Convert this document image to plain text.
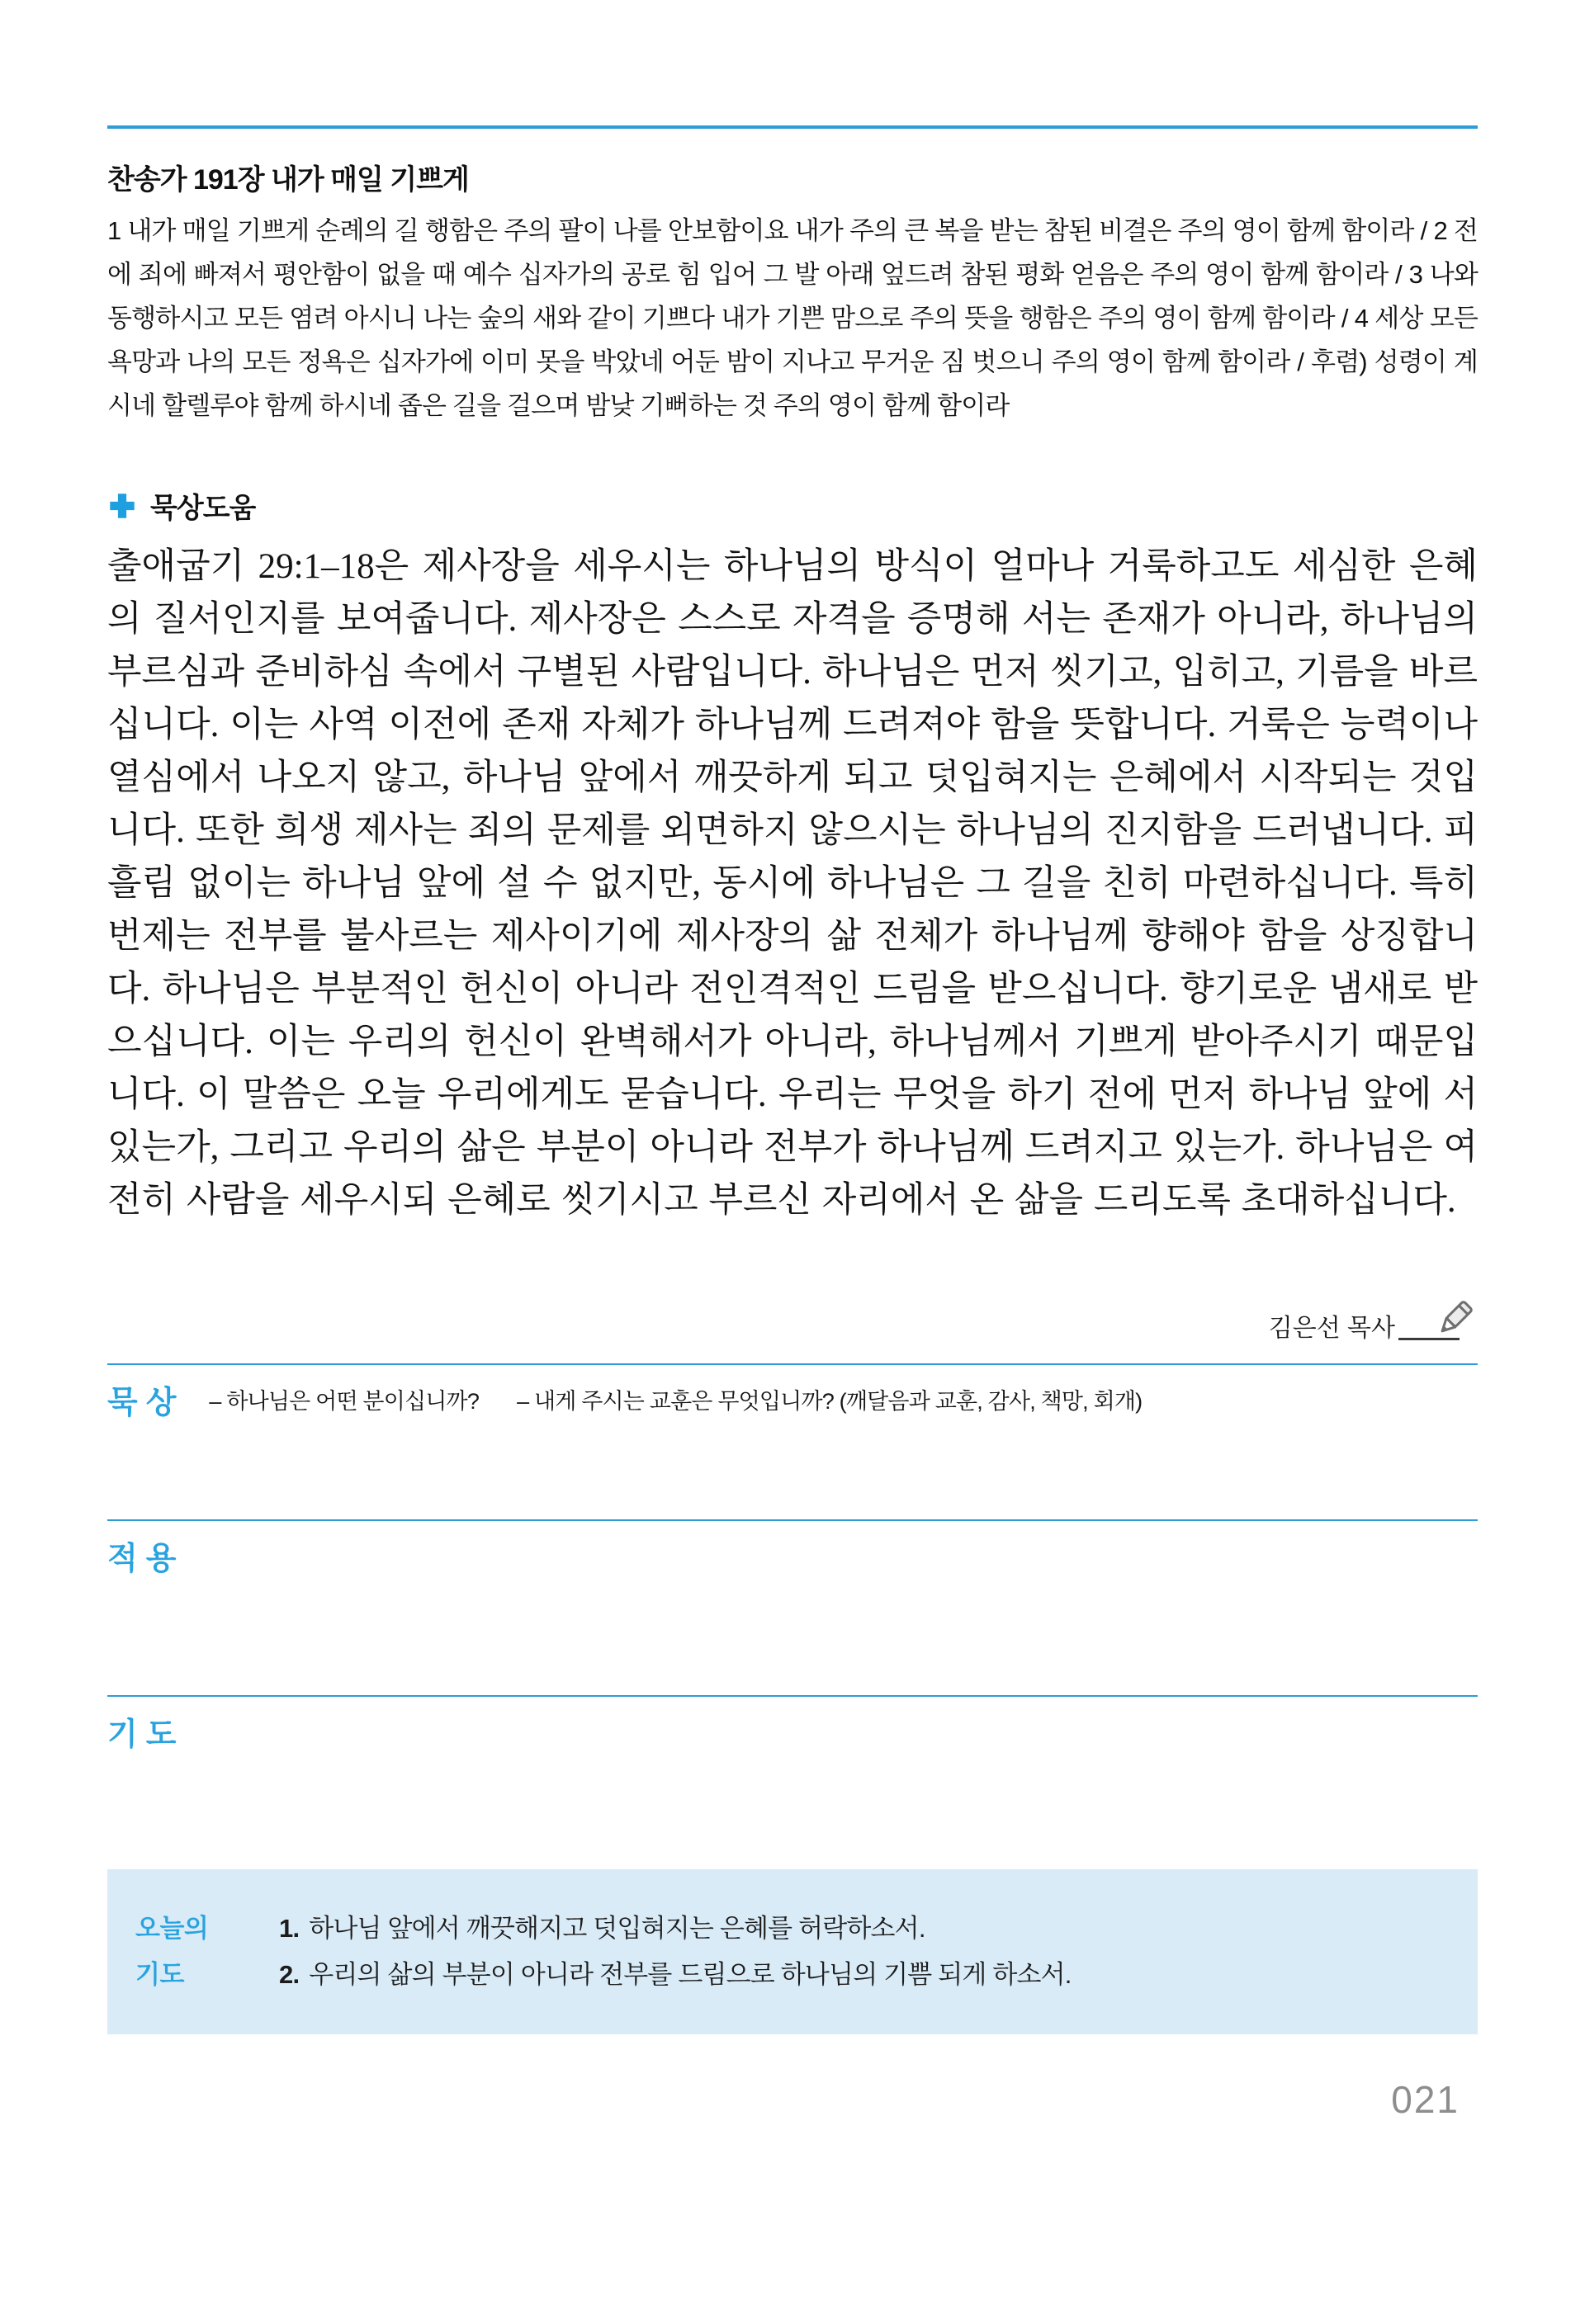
찬송가 191장 내가 매일 기쁘게

1 내가 매일 기쁘게 순례의 길 행함은 주의 팔이 나를 안보함이요 내가 주의 큰 복을 받는 참된 비결은 주의 영이 함께 함이라 / 2 전에 죄에 빠져서 평안함이 없을 때 예수 십자가의 공로 힘 입어 그 발 아래 엎드려 참된 평화 얻음은 주의 영이 함께 함이라 / 3 나와 동행하시고 모든 염려 아시니 나는 숲의 새와 같이 기쁘다 내가 기쁜 맘으로 주의 뜻을 행함은 주의 영이 함께 함이라 / 4 세상 모든 욕망과 나의 모든 정욕은 십자가에 이미 못을 박았네 어둔 밤이 지나고 무거운 짐 벗으니 주의 영이 함께 함이라 / 후렴) 성령이 계시네 할렐루야 함께 하시네 좁은 길을 걸으며 밤낮 기뻐하는 것 주의 영이 함께 함이라

묵상도움

출애굽기 29:1–18은 제사장을 세우시는 하나님의 방식이 얼마나 거룩하고도 세심한 은혜의 질서인지를 보여줍니다. 제사장은 스스로 자격을 증명해 서는 존재가 아니라, 하나님의 부르심과 준비하심 속에서 구별된 사람입니다. 하나님은 먼저 씻기고, 입히고, 기름을 바르십니다. 이는 사역 이전에 존재 자체가 하나님께 드려져야 함을 뜻합니다. 거룩은 능력이나 열심에서 나오지 않고, 하나님 앞에서 깨끗하게 되고 덧입혀지는 은혜에서 시작되는 것입니다. 또한 희생 제사는 죄의 문제를 외면하지 않으시는 하나님의 진지함을 드러냅니다. 피 흘림 없이는 하나님 앞에 설 수 없지만, 동시에 하나님은 그 길을 친히 마련하십니다. 특히 번제는 전부를 불사르는 제사이기에 제사장의 삶 전체가 하나님께 향해야 함을 상징합니다. 하나님은 부분적인 헌신이 아니라 전인격적인 드림을 받으십니다. 향기로운 냄새로 받으십니다. 이는 우리의 헌신이 완벽해서가 아니라, 하나님께서 기쁘게 받아주시기 때문입니다. 이 말씀은 오늘 우리에게도 묻습니다. 우리는 무엇을 하기 전에 먼저 하나님 앞에 서 있는가, 그리고 우리의 삶은 부분이 아니라 전부가 하나님께 드려지고 있는가. 하나님은 여전히 사람을 세우시되 은혜로 씻기시고 부르신 자리에서 온 삶을 드리도록 초대하십니다.

김은선 목사
묵상 – 하나님은 어떤 분이십니까? – 내게 주시는 교훈은 무엇입니까? (깨달음과 교훈, 감사, 책망, 회개)
적용
기도
오늘의
기도
1. 하나님 앞에서 깨끗해지고 덧입혀지는 은혜를 허락하소서.
2. 우리의 삶의 부분이 아니라 전부를 드림으로 하나님의 기쁨 되게 하소서.
021
